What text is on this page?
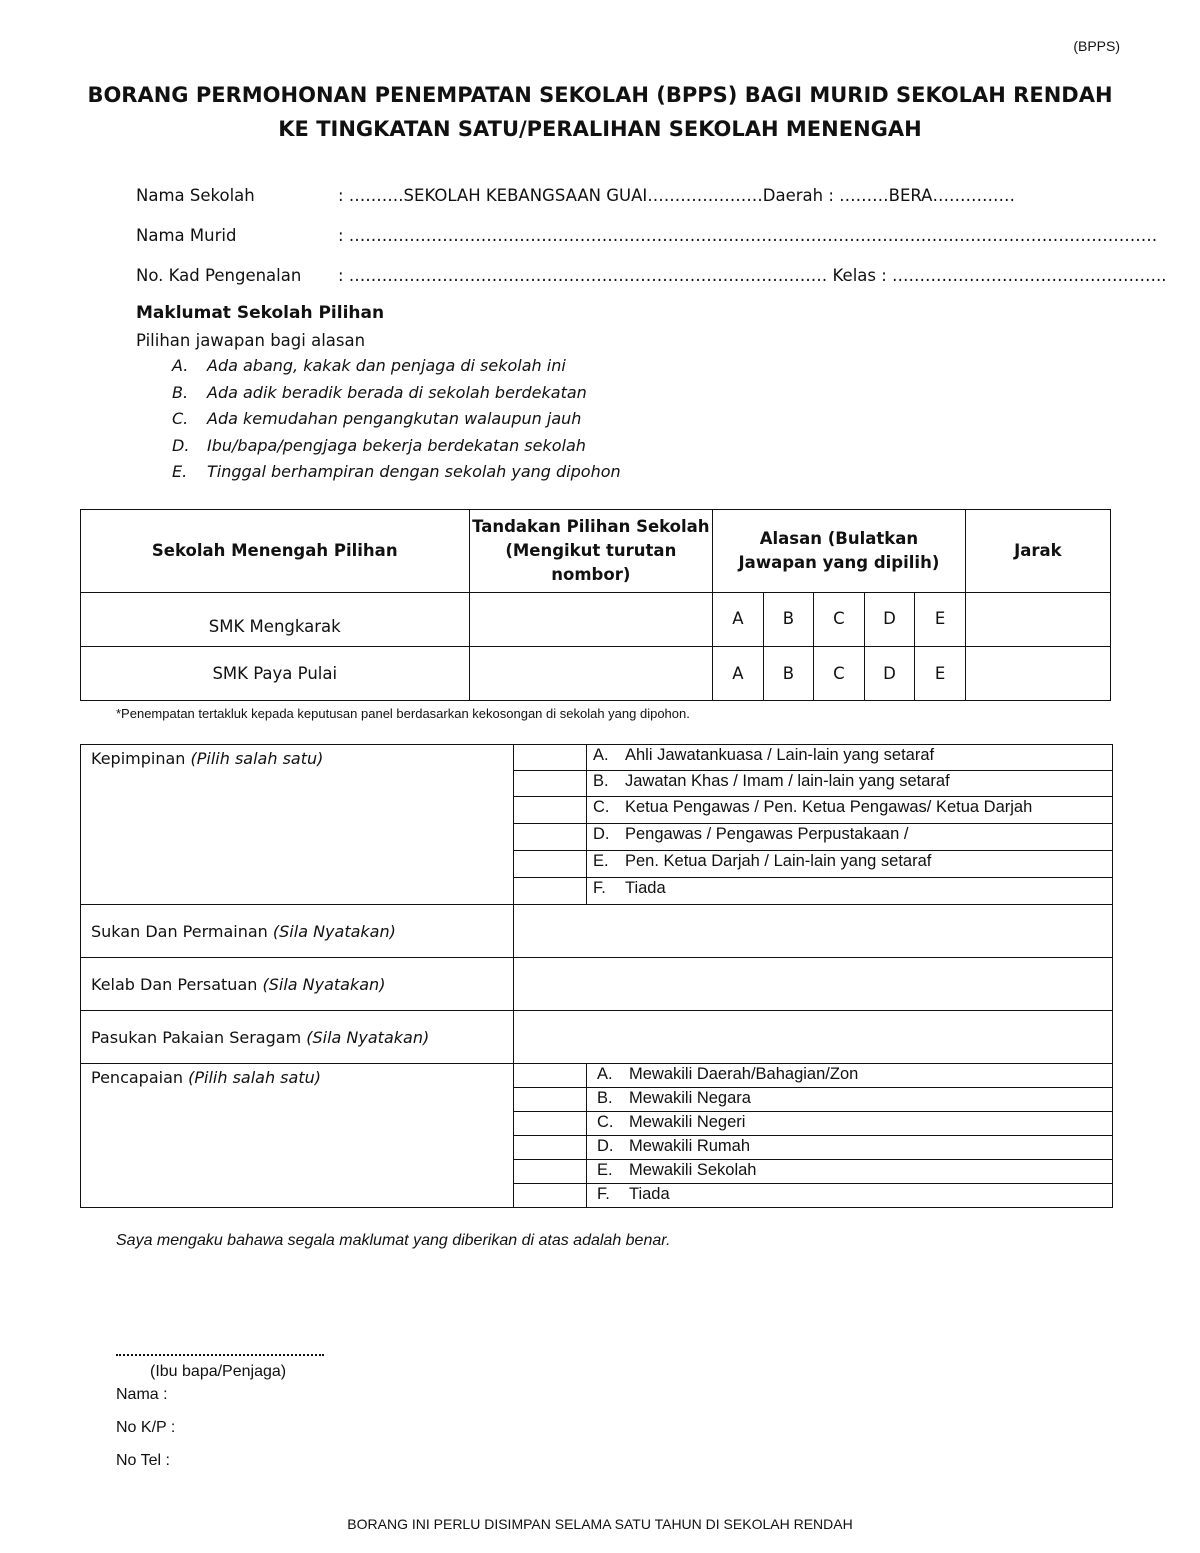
(BPPS)
BORANG PERMOHONAN PENEMPATAN SEKOLAH (BPPS) BAGI MURID SEKOLAH RENDAH
KE TINGKATAN SATU/PERALIHAN SEKOLAH MENENGAH
Nama Sekolah	: ……….SEKOLAH KEBANGSAAN GUAI…………………Daerah : ………BERA……………
Nama Murid	: …………………………………………………………………………………………………………………………………
No. Kad Pengenalan : …………………………………………………………………………… Kelas : …………………………………………..
Maklumat Sekolah Pilihan
Pilihan jawapan bagi alasan
A.	Ada abang, kakak dan penjaga di sekolah ini
B.	Ada adik beradik berada di sekolah berdekatan
C.	Ada kemudahan pengangkutan walaupun jauh
D.	Ibu/bapa/pengjaga bekerja berdekatan sekolah
E.	Tinggal berhampiran dengan sekolah yang dipohon
Sekolah Menengah Pilihan	Tandakan Pilihan Sekolah (Mengikut turutan nombor)	Alasan (Bulatkan Jawapan yang dipilih)					Jarak
SMK Mengkarak		A	B	C	D	E	
SMK Paya Pulai		A	B	C	D	E	
*Penempatan tertakluk kepada keputusan panel berdasarkan kekosongan di sekolah yang dipohon.
Kepimpinan (Pilih salah satu)		A. Ahli Jawatankuasa / Lain-lain yang setaraf
		B. Jawatan Khas / Imam / lain-lain yang setaraf
		C. Ketua Pengawas / Pen. Ketua Pengawas/ Ketua Darjah
		D. Pengawas / Pengawas Perpustakaan /
		E. Pen. Ketua Darjah / Lain-lain yang setaraf
		F. Tiada
Sukan Dan Permainan (Sila Nyatakan)		
Kelab Dan Persatuan (Sila Nyatakan)		
Pasukan Pakaian Seragam (Sila Nyatakan)		
Pencapaian (Pilih salah satu)		A. Mewakili Daerah/Bahagian/Zon
		B. Mewakili Negara
		C. Mewakili Negeri
		D. Mewakili Rumah
		E. Mewakili Sekolah
		F. Tiada
Saya mengaku bahawa segala maklumat yang diberikan di atas adalah benar.
(Ibu bapa/Penjaga)
Nama :
No K/P :
No Tel :
BORANG INI PERLU DISIMPAN SELAMA SATU TAHUN DI SEKOLAH RENDAH
